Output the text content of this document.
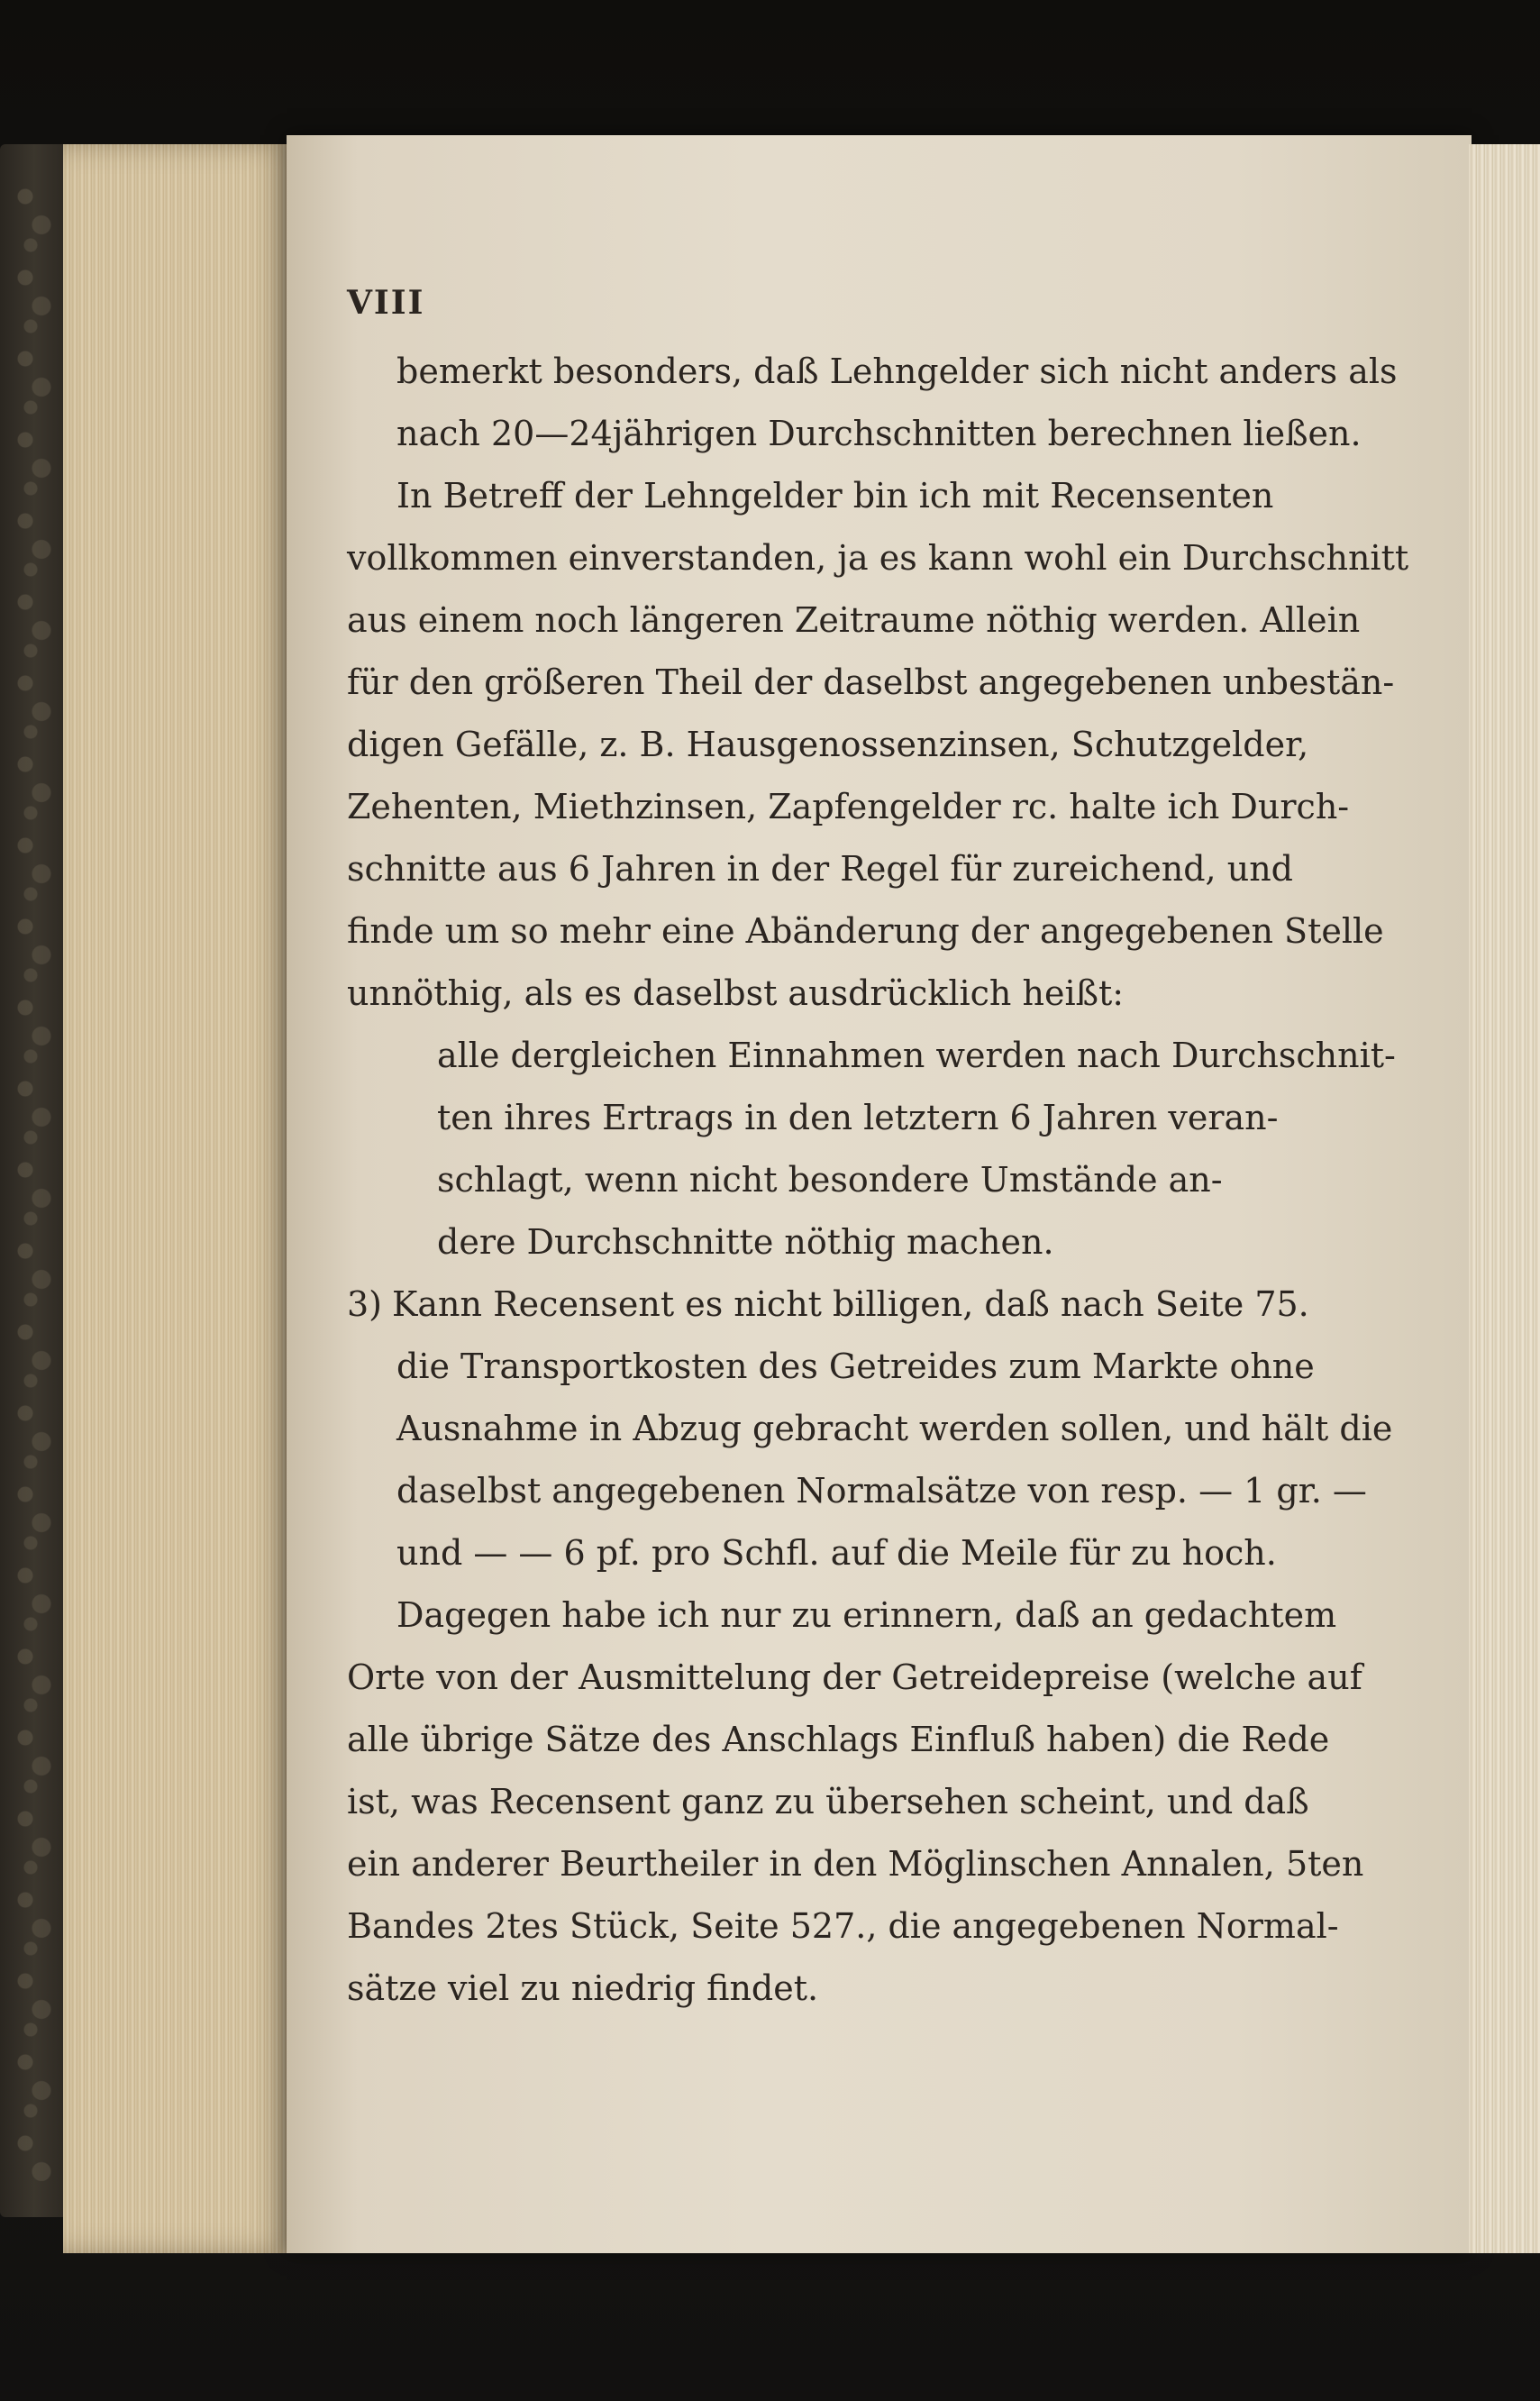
VIII
bemerkt besonders, daß Lehngelder sich nicht anders als
nach 20—24jährigen Durchschnitten berechnen ließen.
In Betreff der Lehngelder bin ich mit Recensenten
vollkommen einverstanden, ja es kann wohl ein Durchschnitt
aus einem noch längeren Zeitraume nöthig werden. Allein
für den größeren Theil der daselbst angegebenen unbestän-
digen Gefälle, z. B. Hausgenossenzinsen, Schutzgelder,
Zehenten, Miethzinsen, Zapfengelder rc. halte ich Durch-
schnitte aus 6 Jahren in der Regel für zureichend, und
finde um so mehr eine Abänderung der angegebenen Stelle
unnöthig, als es daselbst ausdrücklich heißt:
alle dergleichen Einnahmen werden nach Durchschnit-
ten ihres Ertrags in den letztern 6 Jahren veran-
schlagt, wenn nicht besondere Umstände an-
dere Durchschnitte nöthig machen.
3) Kann Recensent es nicht billigen, daß nach Seite 75.
die Transportkosten des Getreides zum Markte ohne
Ausnahme in Abzug gebracht werden sollen, und hält die
daselbst angegebenen Normalsätze von resp. — 1 gr. —
und — — 6 pf. pro Schfl. auf die Meile für zu hoch.
Dagegen habe ich nur zu erinnern, daß an gedachtem
Orte von der Ausmittelung der Getreidepreise (welche auf
alle übrige Sätze des Anschlags Einfluß haben) die Rede
ist, was Recensent ganz zu übersehen scheint, und daß
ein anderer Beurtheiler in den Möglinschen Annalen, 5ten
Bandes 2tes Stück, Seite 527., die angegebenen Normal-
sätze viel zu niedrig findet.
